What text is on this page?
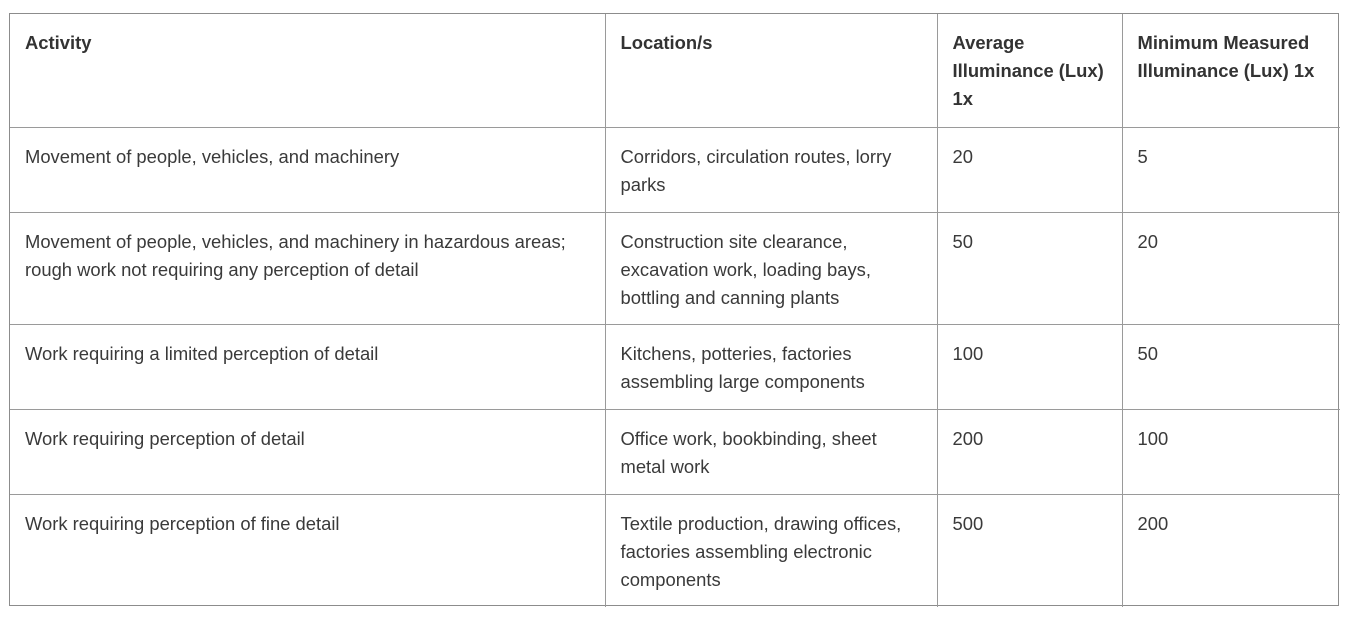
Activity	Location/s	Average Illuminance (Lux) 1x	Minimum Measured Illuminance (Lux) 1x
Movement of people, vehicles, and machinery	Corridors, circulation routes, lorry parks	20	5
Movement of people, vehicles, and machinery in hazardous areas; rough work not requiring any perception of detail	Construction site clearance, excavation work, loading bays, bottling and canning plants	50	20
Work requiring a limited perception of detail	Kitchens, potteries, factories assembling large components	100	50
Work requiring perception of detail	Office work, bookbinding, sheet metal work	200	100
Work requiring perception of fine detail	Textile production, drawing offices, factories assembling electronic components	500	200
